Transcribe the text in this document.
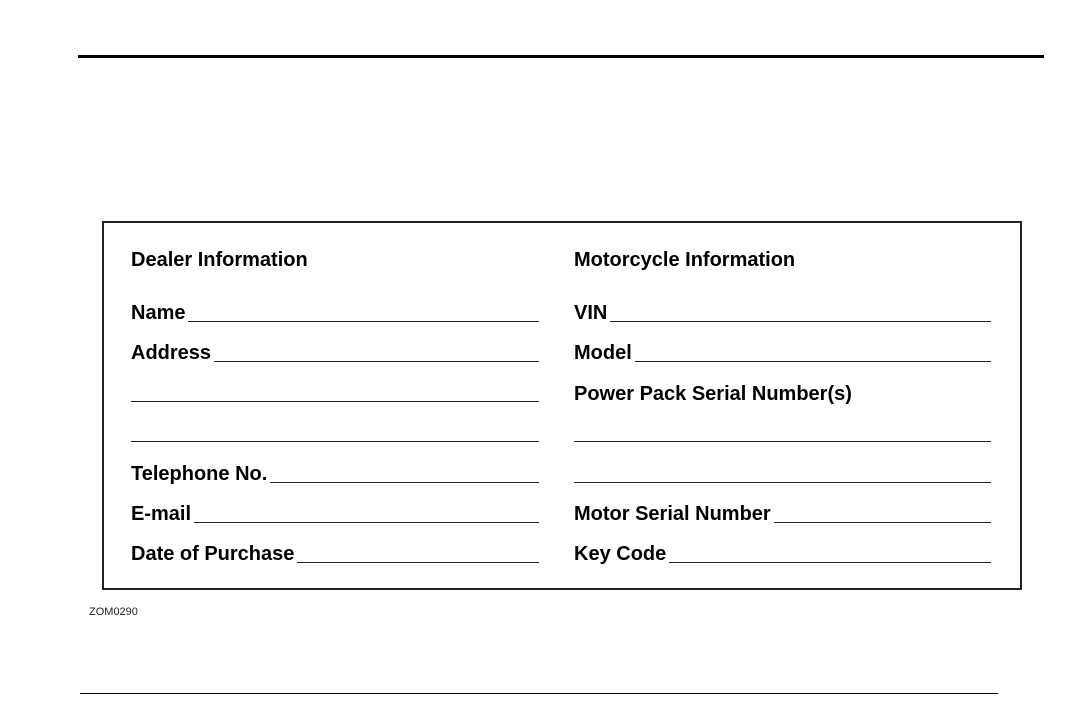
Dealer Information
Name
Address
Telephone No.
E-mail
Date of Purchase
Motorcycle Information
VIN
Model
Power Pack Serial Number(s)
Motor Serial Number
Key Code
ZOM0290
